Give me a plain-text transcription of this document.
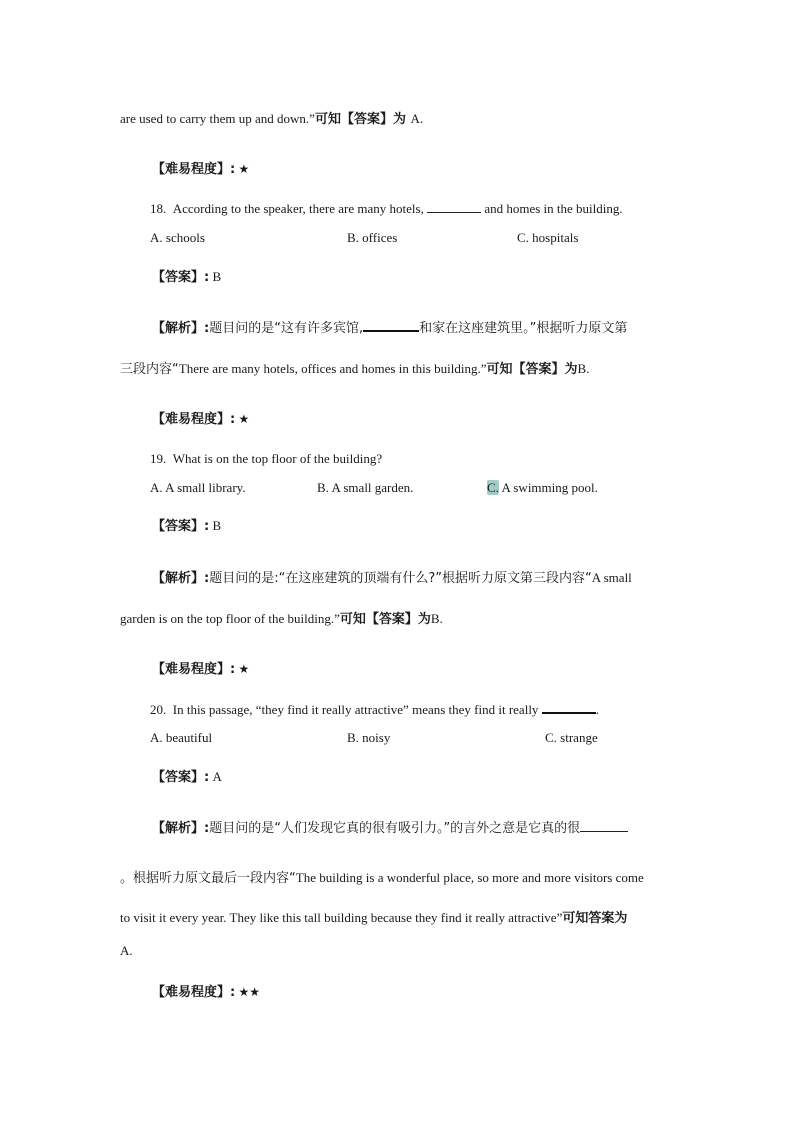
are used to carry them up and down.”可知【答案】为 A.
【难易程度】: ★
18. According to the speaker, there are many hotels,	and homes in the building.
A. schools	B. offices	C. hospitals
【答案】: B
【解析】:题目问的是“这有许多宾馆,	和家在这座建筑里。”根据听力原文第
三段内容“There are many hotels, offices and homes in this building.”可知【答案】为B.
【难易程度】: ★
19. What is on the top floor of the building?
A. A small library.	B. A small garden.	C. A swimming pool.
【答案】: B
【解析】:题目问的是:“在这座建筑的顶端有什么?”根据听力原文第三段内容“A small
garden is on the top floor of the building.”可知【答案】为B.
【难易程度】: ★
20. In this passage, “they find it really attractive” means they find it really	.
A. beautiful	B. noisy	C. strange
【答案】: A
【解析】:题目问的是“人们发现它真的很有吸引力。”的言外之意是它真的很
。根据听力原文最后一段内容“The building is a wonderful place, so more and more visitors come
to visit it every year. They like this tall building because they find it really attractive”可知答案为
A.
【难易程度】: ★★
